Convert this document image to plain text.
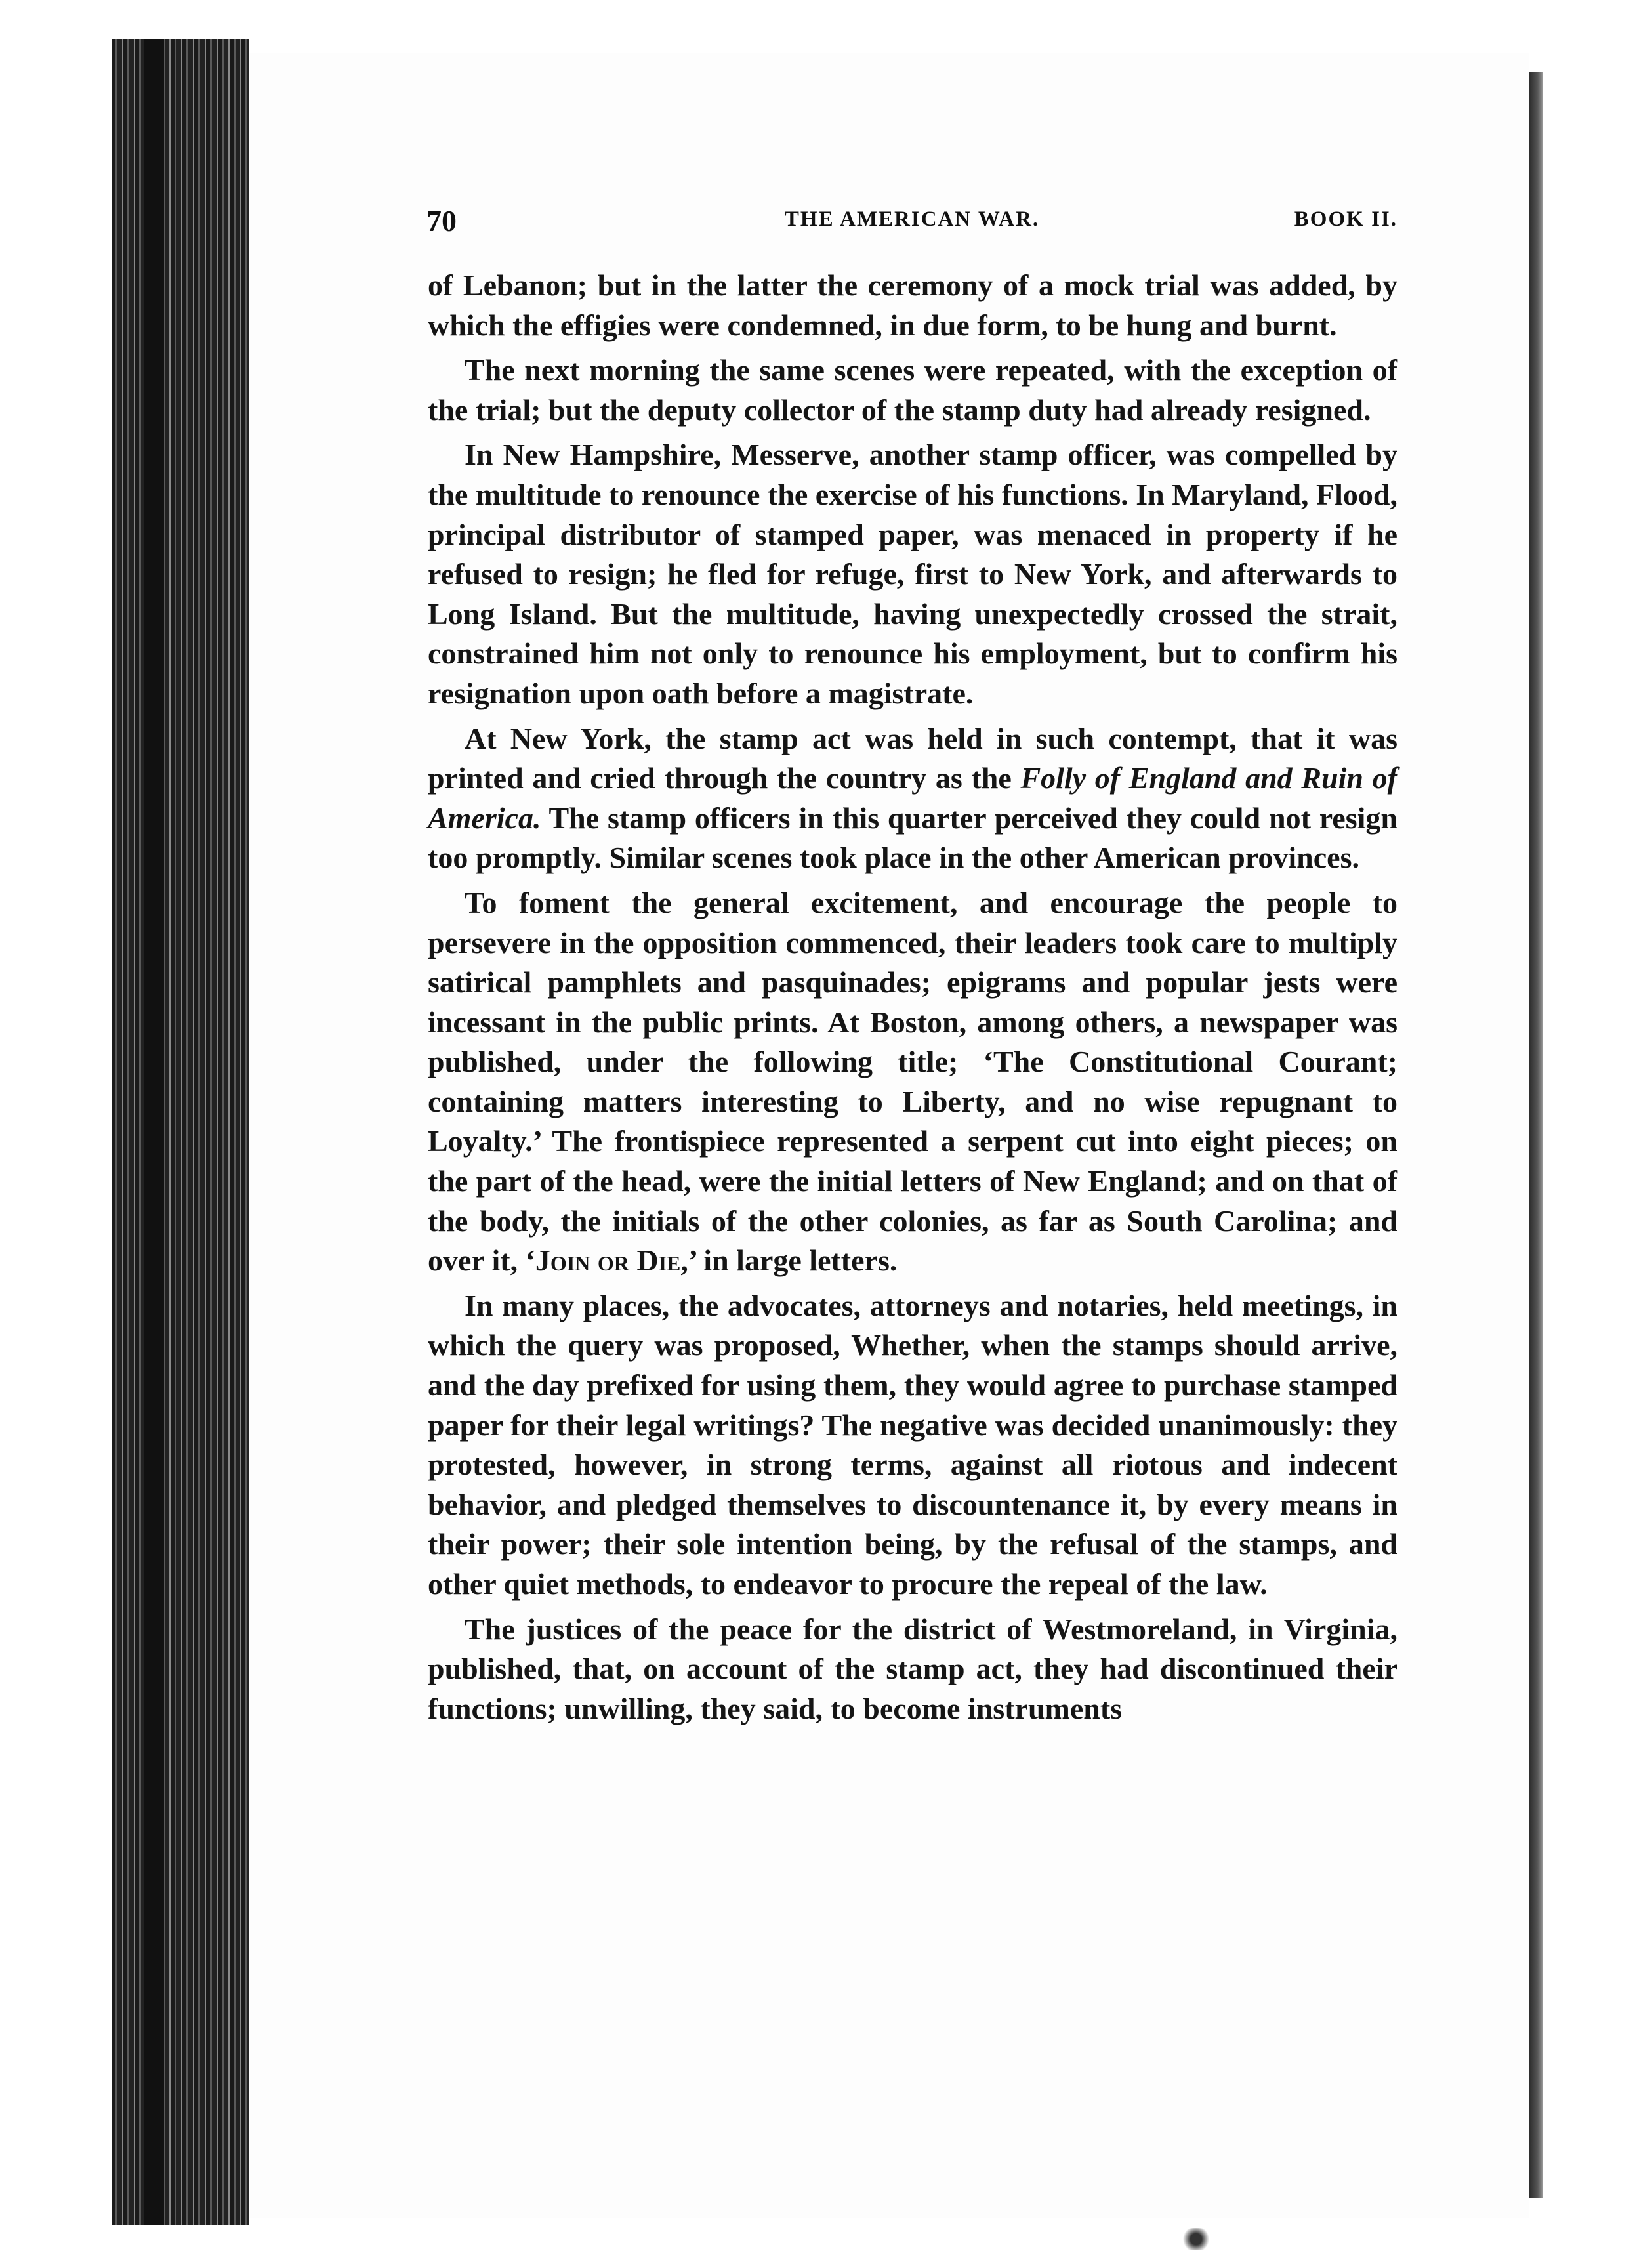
70	THE AMERICAN WAR.	BOOK II.

of Lebanon; but in the latter the ceremony of a mock trial was added, by which the effigies were condemned, in due form, to be hung and burnt.

The next morning the same scenes were repeated, with the exception of the trial; but the deputy collector of the stamp duty had already resigned.

In New Hampshire, Messerve, another stamp officer, was compelled by the multitude to renounce the exercise of his functions. In Maryland, Flood, principal distributor of stamped paper, was menaced in property if he refused to resign; he fled for refuge, first to New York, and afterwards to Long Island. But the multitude, having unexpectedly crossed the strait, constrained him not only to renounce his employment, but to confirm his resignation upon oath before a magistrate.

At New York, the stamp act was held in such contempt, that it was printed and cried through the country as the Folly of England and Ruin of America. The stamp officers in this quarter perceived they could not resign too promptly. Similar scenes took place in the other American provinces.

To foment the general excitement, and encourage the people to persevere in the opposition commenced, their leaders took care to multiply satirical pamphlets and pasquinades; epigrams and popular jests were incessant in the public prints. At Boston, among others, a newspaper was published, under the following title; ‘The Constitutional Courant; containing matters interesting to Liberty, and no wise repugnant to Loyalty.’ The frontispiece represented a serpent cut into eight pieces; on the part of the head, were the initial letters of New England; and on that of the body, the initials of the other colonies, as far as South Carolina; and over it, ‘Join or Die,’ in large letters.

In many places, the advocates, attorneys and notaries, held meetings, in which the query was proposed, Whether, when the stamps should arrive, and the day prefixed for using them, they would agree to purchase stamped paper for their legal writings? The negative was decided unanimously: they protested, however, in strong terms, against all riotous and indecent behavior, and pledged themselves to discountenance it, by every means in their power; their sole intention being, by the refusal of the stamps, and other quiet methods, to endeavor to procure the repeal of the law.

The justices of the peace for the district of Westmoreland, in Virginia, published, that, on account of the stamp act, they had discontinued their functions; unwilling, they said, to become instruments
